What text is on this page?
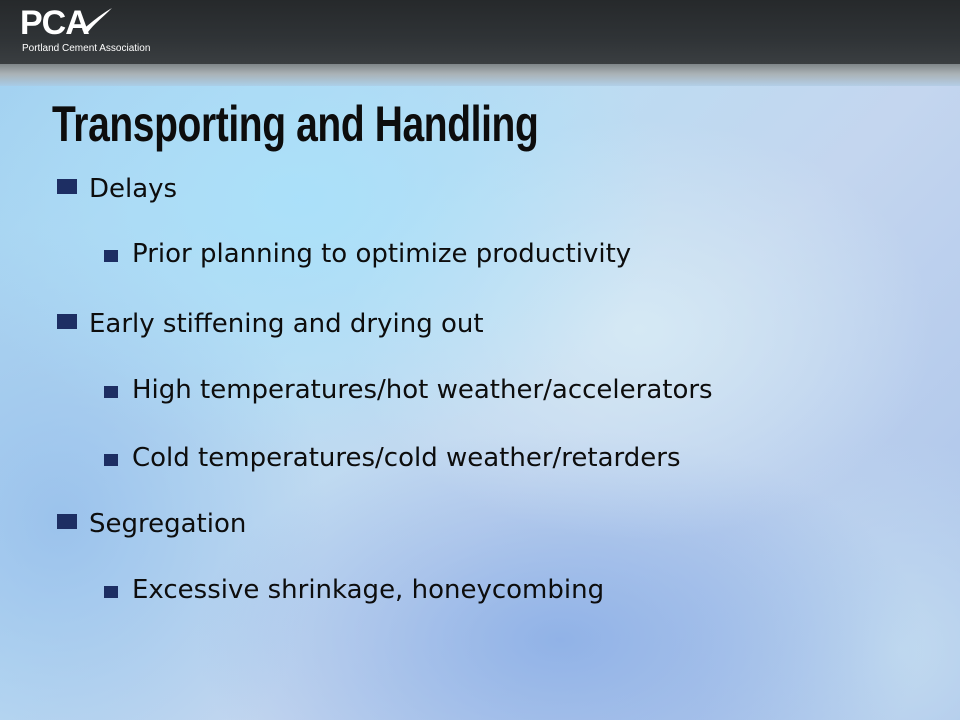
PCA
Portland Cement Association
Transporting and Handling
Delays
Prior planning to optimize productivity
Early stiffening and drying out
High temperatures/hot weather/accelerators
Cold temperatures/cold weather/retarders
Segregation
Excessive shrinkage, honeycombing
